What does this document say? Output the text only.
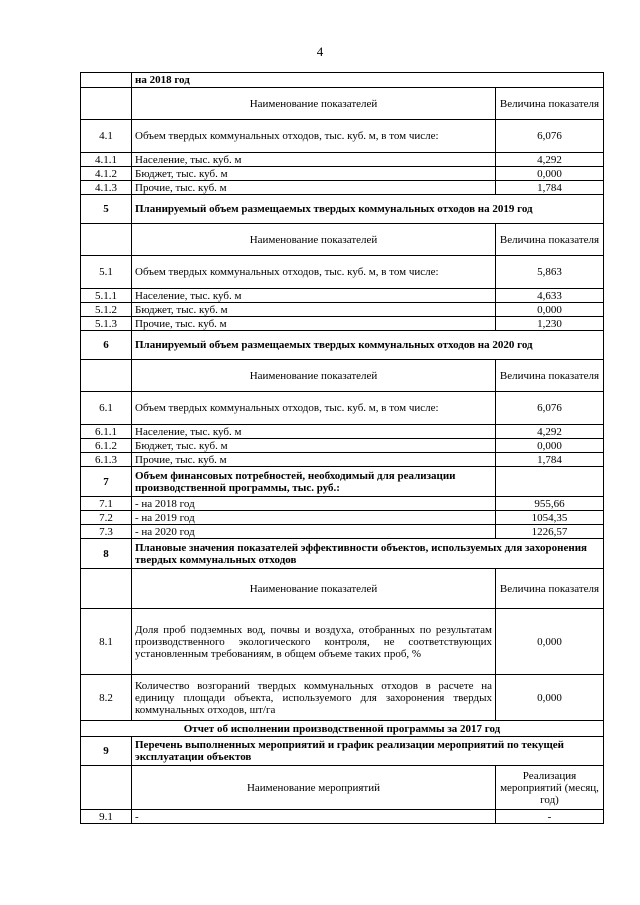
4
	на 2018 год	
	Наименование показателей	Величина показателя
4.1	Объем твердых коммунальных отходов, тыс. куб. м, в том числе:	6,076
4.1.1	Население, тыс. куб. м	4,292
4.1.2	Бюджет, тыс. куб. м	0,000
4.1.3	Прочие, тыс. куб. м	1,784
5	Планируемый объем размещаемых твердых коммунальных отходов на 2019 год	
	Наименование показателей	Величина показателя
5.1	Объем твердых коммунальных отходов, тыс. куб. м, в том числе:	5,863
5.1.1	Население, тыс. куб. м	4,633
5.1.2	Бюджет, тыс. куб. м	0,000
5.1.3	Прочие, тыс. куб. м	1,230
6	Планируемый объем размещаемых твердых коммунальных отходов на 2020 год	
	Наименование показателей	Величина показателя
6.1	Объем твердых коммунальных отходов, тыс. куб. м, в том числе:	6,076
6.1.1	Население, тыс. куб. м	4,292
6.1.2	Бюджет, тыс. куб. м	0,000
6.1.3	Прочие, тыс. куб. м	1,784
7	Объем финансовых потребностей, необходимый для реализации производственной программы, тыс. руб.:	
7.1	- на 2018 год	955,66
7.2	- на 2019 год	1054,35
7.3	- на 2020 год	1226,57
8	Плановые значения показателей эффективности объектов, используемых для захоронения твердых коммунальных отходов	
	Наименование показателей	Величина показателя
8.1	Доля проб подземных вод, почвы и воздуха, отобранных по результатам производственного экологического контроля, не соответствующих установленным требованиям, в общем объеме таких проб, %	0,000
8.2	Количество возгораний твердых коммунальных отходов в расчете на единицу площади объекта, используемого для захоронения твердых коммунальных отходов, шт/га	0,000
Отчет об исполнении производственной программы за 2017 год		
9	Перечень выполненных мероприятий и график реализации мероприятий по текущей эксплуатации объектов	
	Наименование мероприятий	Реализация мероприятий (месяц, год)
9.1	-	-
